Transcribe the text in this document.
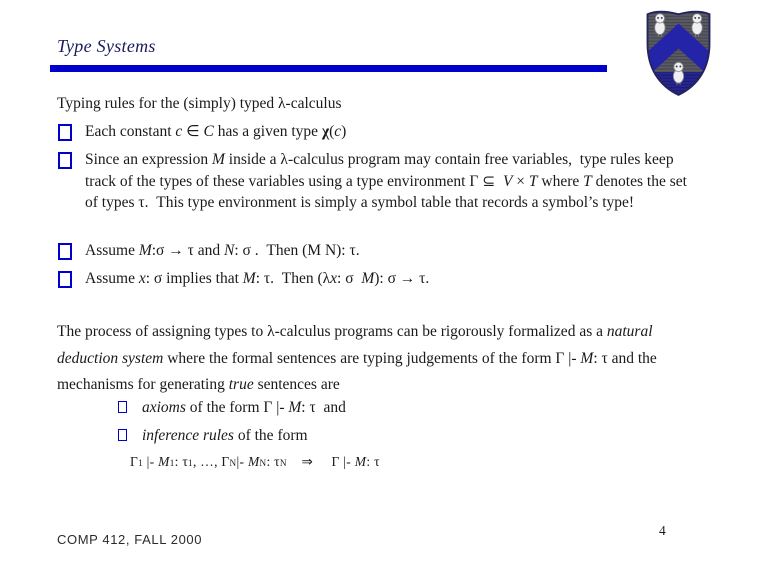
Type Systems
Typing rules for the (simply) typed λ-calculus
Each constant c ∈ C has a given type χ(c)
Since an expression M inside a λ-calculus program may contain free variables,  type rules keep track of the types of these variables using a type environment Γ ⊆  V × T where T denotes the set of types τ.  This type environment is simply a symbol table that records a symbol’s type!
Assume M:σ → τ and N: σ .  Then (M N): τ.
Assume x: σ implies that M: τ.  Then (λx: σ  M): σ → τ.
The process of assigning types to λ-calculus programs can be rigorously formalized as a natural deduction system where the formal sentences are typing judgements of the form Γ |- M: τ and the mechanisms for generating true sentences are
axioms of the form Γ |- M: τ  and
inference rules of the form
Γ1 |- M1: τ1, …, ΓN|- MN: τN    ⇒     Γ |- M: τ
COMP 412, FALL 2000
4
